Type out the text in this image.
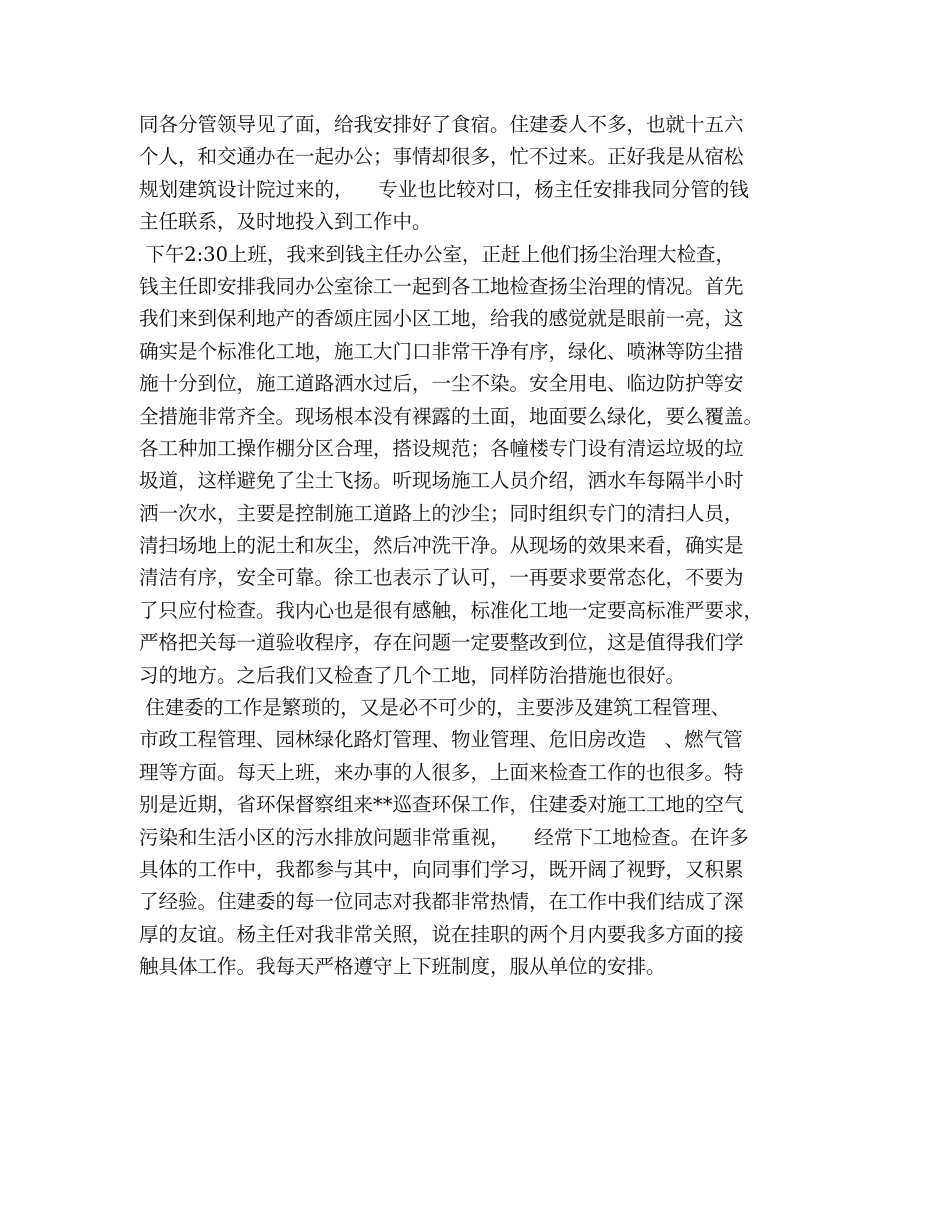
同各分管领导见了面，给我安排好了食宿。住建委人不多，也就十五六
个人，和交通办在一起办公；事情却很多，忙不过来。正好我是从宿松
规划建筑设计院过来的，    专业也比较对口，杨主任安排我同分管的钱
主任联系，及时地投入到工作中。
下午2:30上班，我来到钱主任办公室，正赶上他们扬尘治理大检查，
钱主任即安排我同办公室徐工一起到各工地检查扬尘治理的情况。首先
我们来到保利地产的香颂庄园小区工地，给我的感觉就是眼前一亮，这
确实是个标准化工地，施工大门口非常干净有序，绿化、喷淋等防尘措
施十分到位，施工道路洒水过后，一尘不染。安全用电、临边防护等安
全措施非常齐全。现场根本没有裸露的土面，地面要么绿化，要么覆盖。
各工种加工操作棚分区合理，搭设规范；各幢楼专门设有清运垃圾的垃
圾道，这样避免了尘土飞扬。听现场施工人员介绍，洒水车每隔半小时
洒一次水，主要是控制施工道路上的沙尘；同时组织专门的清扫人员，
清扫场地上的泥土和灰尘，然后冲洗干净。从现场的效果来看，确实是
清洁有序，安全可靠。徐工也表示了认可，一再要求要常态化，不要为
了只应付检查。我内心也是很有感触，标准化工地一定要高标准严要求，
严格把关每一道验收程序，存在问题一定要整改到位，这是值得我们学
习的地方。之后我们又检查了几个工地，同样防治措施也很好。
住建委的工作是繁琐的，又是必不可少的，主要涉及建筑工程管理、
市政工程管理、园林绿化路灯管理、物业管理、危旧房改造   、燃气管
理等方面。每天上班，来办事的人很多，上面来检查工作的也很多。特
别是近期，省环保督察组来**巡查环保工作，住建委对施工工地的空气
污染和生活小区的污水排放问题非常重视，    经常下工地检查。在许多
具体的工作中，我都参与其中，向同事们学习，既开阔了视野，又积累
了经验。住建委的每一位同志对我都非常热情，在工作中我们结成了深
厚的友谊。杨主任对我非常关照，说在挂职的两个月内要我多方面的接
触具体工作。我每天严格遵守上下班制度，服从单位的安排。
